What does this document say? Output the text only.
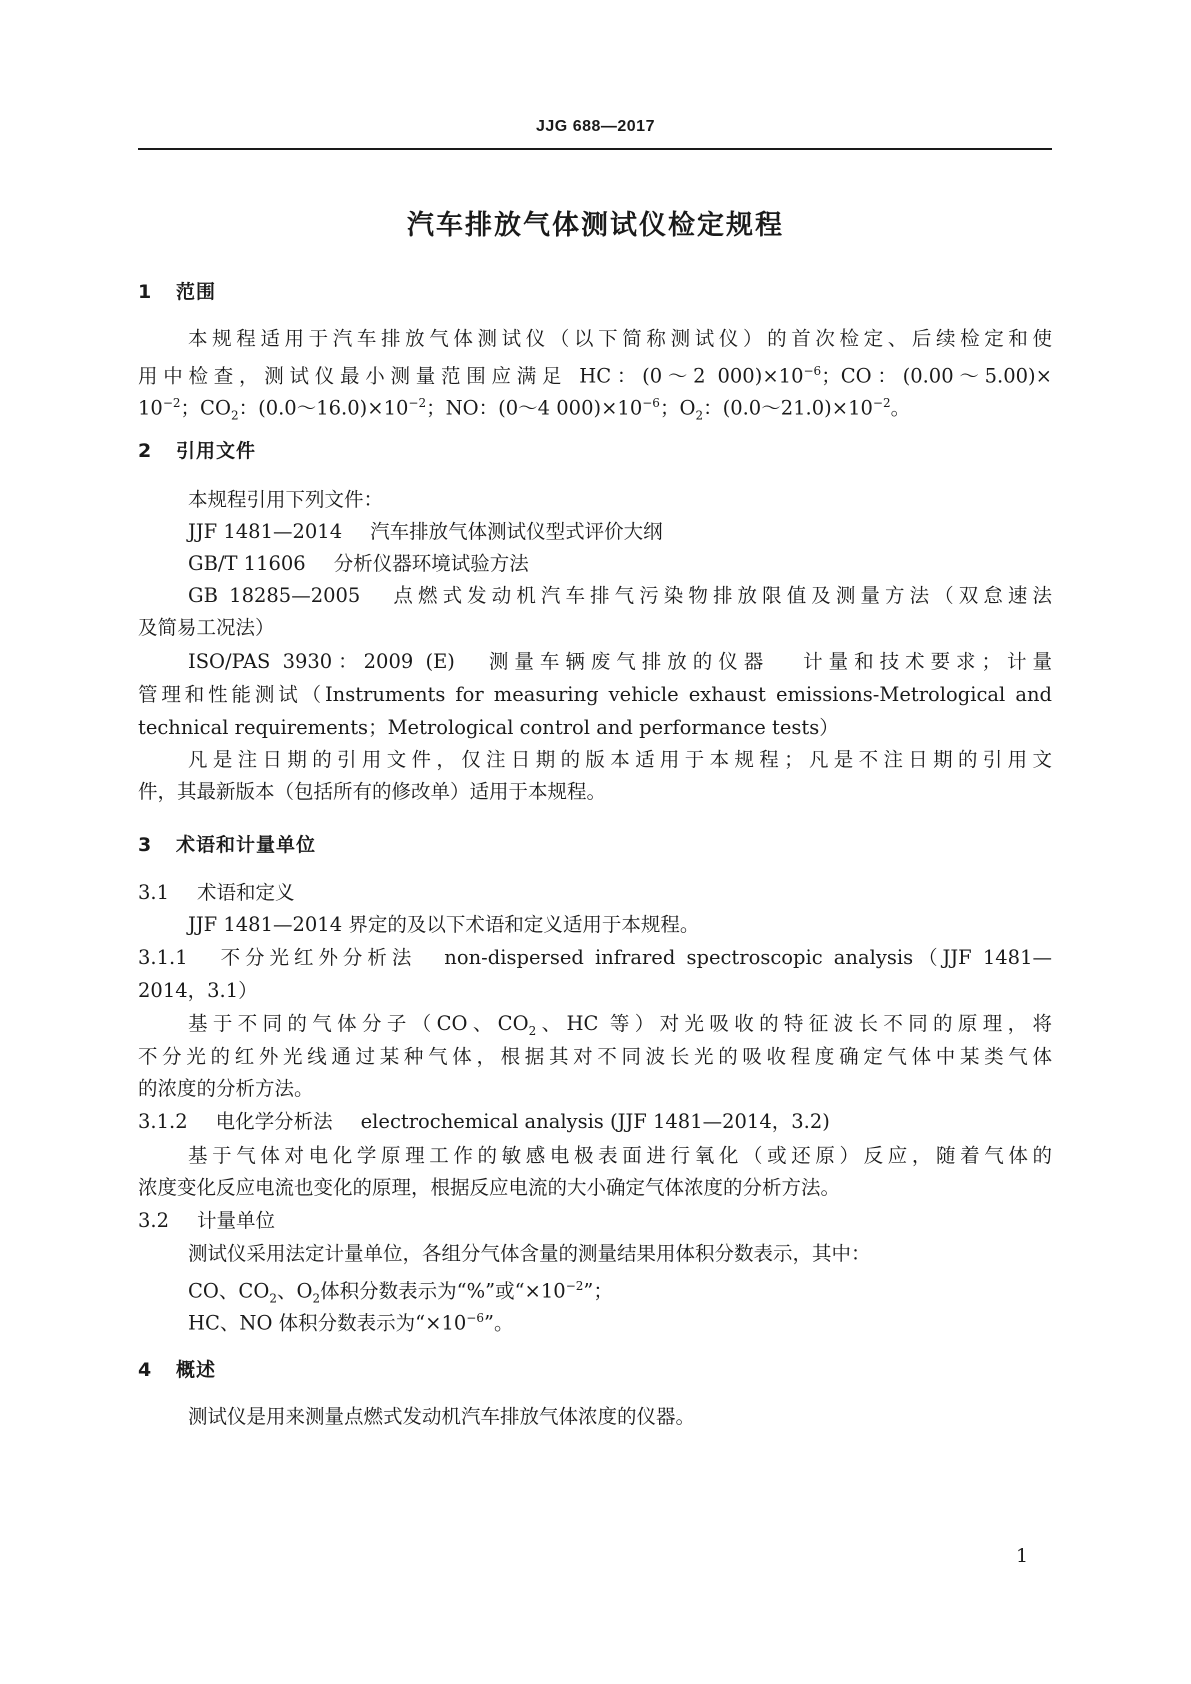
JJG 688—2017
汽车排放气体测试仪检定规程
1 范围
本规程适用于汽车排放气体测试仪（以下简称测试仪）的首次检定、后续检定和使
用中检查，测试仪最小测量范围应满足 HC：(0～2 $000)\times 10^{-6}$；CO：(0.00～5.00)×
$10^{-2}$；$CO_2$：$(0.0\sim 16.0)\times 10^{-2}$；NO：(0～4 $000)\times 10^{-6}$；$O_2$：$(0.0\sim 21.0)\times 10^{-2}$。
2 引用文件
本规程引用下列文件：
JJF 1481—2014 汽车排放气体测试仪型式评价大纲
GB/T 11606 分析仪器环境试验方法
GB 18285—2005 点燃式发动机汽车排气污染物排放限值及测量方法（双怠速法
及简易工况法）
ISO/PAS 3930：2009 (E) 测量车辆废气排放的仪器 计量和技术要求；计量
管理和性能测试（Instruments for measuring vehicle exhaust emissions-Metrological and
technical requirements；Metrological control and performance tests）
凡是注日期的引用文件，仅注日期的版本适用于本规程；凡是不注日期的引用文
件，其最新版本（包括所有的修改单）适用于本规程。
3 术语和计量单位
3.1 术语和定义
JJF 1481—2014 界定的及以下术语和定义适用于本规程。
3.1.1 不分光红外分析法 non-dispersed infrared spectroscopic analysis（JJF 1481—
2014，3.1）
基于不同的气体分子（CO、$CO_2$、HC 等）对光吸收的特征波长不同的原理，将
不分光的红外光线通过某种气体，根据其对不同波长光的吸收程度确定气体中某类气体
的浓度的分析方法。
3.1.2 电化学分析法 electrochemical analysis (JJF 1481—2014，3.2)
基于气体对电化学原理工作的敏感电极表面进行氧化（或还原）反应，随着气体的
浓度变化反应电流也变化的原理，根据反应电流的大小确定气体浓度的分析方法。
3.2 计量单位
测试仪采用法定计量单位，各组分气体含量的测量结果用体积分数表示，其中：
CO、$CO_2$、$O_2$体积分数表示为“%”或“$\times 10^{-2}$”；
HC、NO 体积分数表示为“$\times 10^{-6}$”。
4 概述
测试仪是用来测量点燃式发动机汽车排放气体浓度的仪器。
1
